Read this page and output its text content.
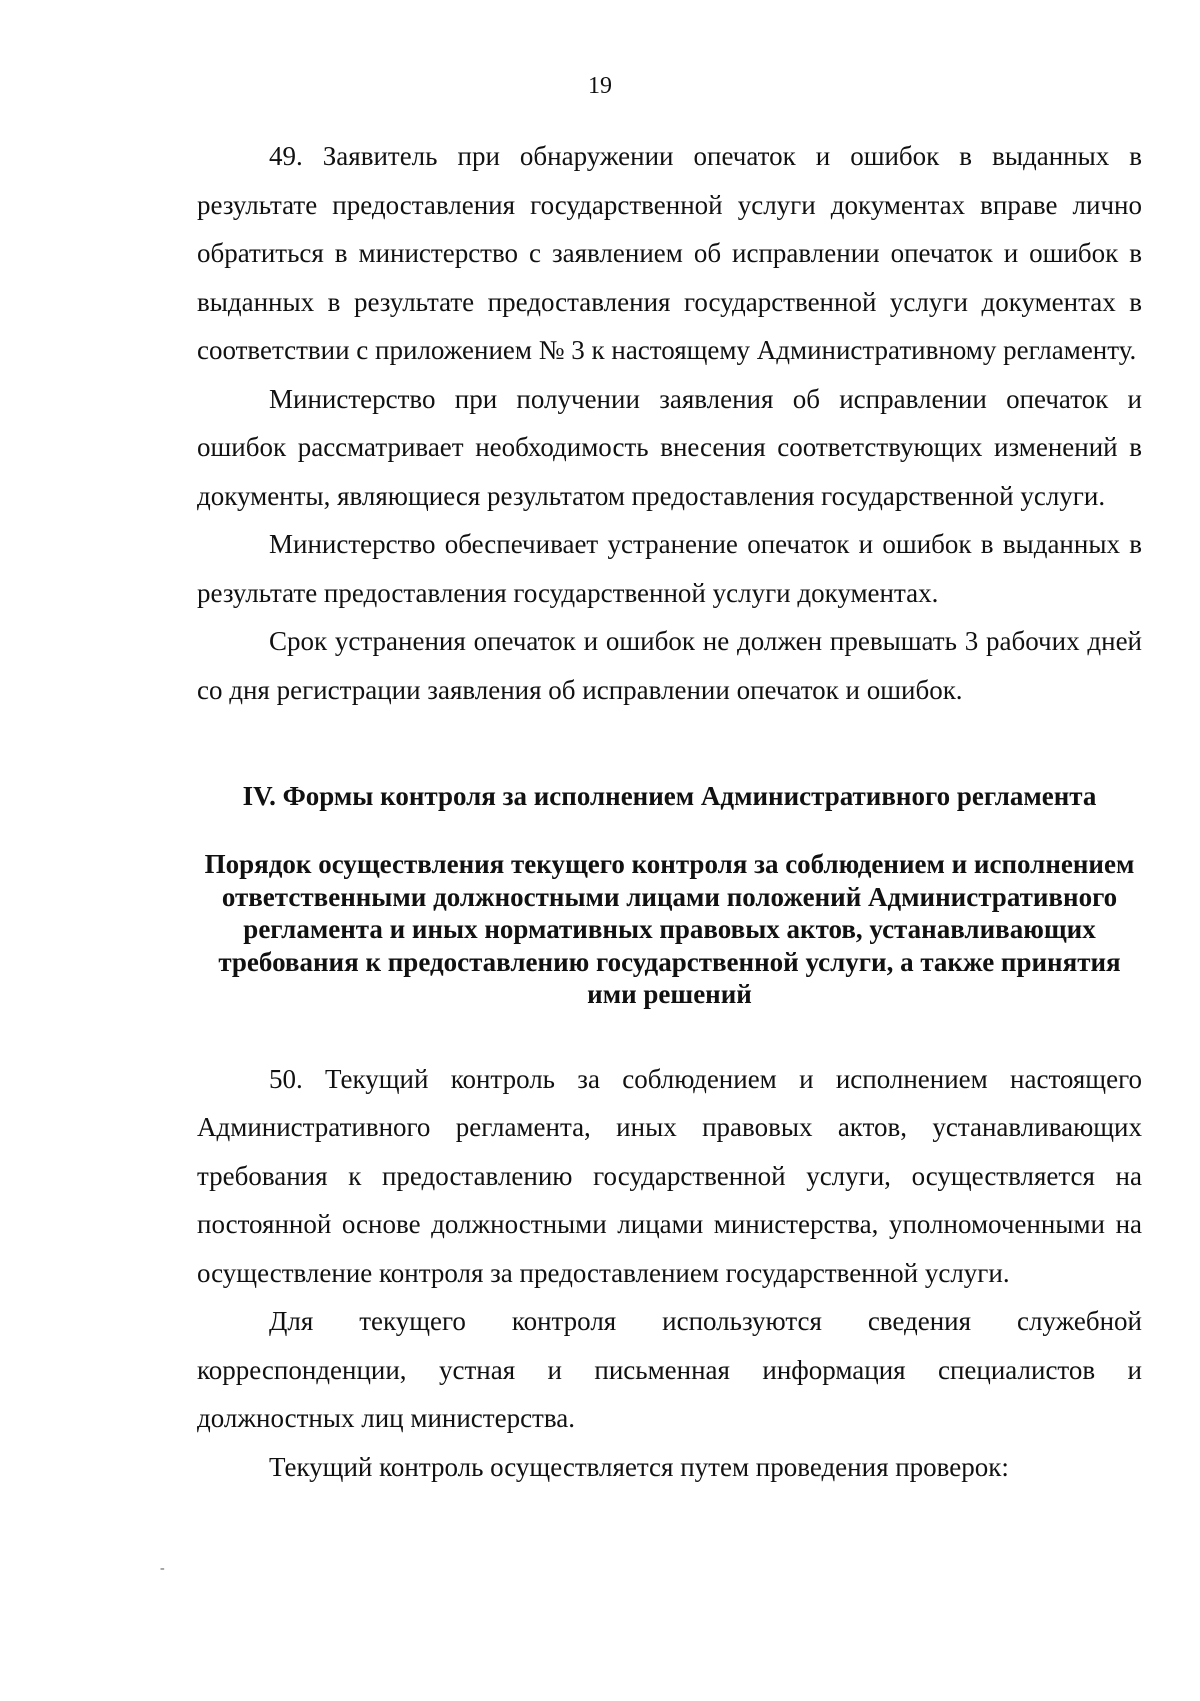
19

49. Заявитель при обнаружении опечаток и ошибок в выданных в результате предоставления государственной услуги документах вправе лично обратиться в министерство с заявлением об исправлении опечаток и ошибок в выданных в результате предоставления государственной услуги документах в соответствии с приложением № 3 к настоящему Административному регламенту.

Министерство при получении заявления об исправлении опечаток и ошибок рассматривает необходимость внесения соответствующих изменений в документы, являющиеся результатом предоставления государственной услуги.

Министерство обеспечивает устранение опечаток и ошибок в выданных в результате предоставления государственной услуги документах.

Срок устранения опечаток и ошибок не должен превышать 3 рабочих дней со дня регистрации заявления об исправлении опечаток и ошибок.

IV. Формы контроля за исполнением Административного регламента
Порядок осуществления текущего контроля за соблюдением и исполнением ответственными должностными лицами положений Административного регламента и иных нормативных правовых актов, устанавливающих требования к предоставлению государственной услуги, а также принятия ими решений

50. Текущий контроль за соблюдением и исполнением настоящего Административного регламента, иных правовых актов, устанавливающих требования к предоставлению государственной услуги, осуществляется на постоянной основе должностными лицами министерства, уполномоченными на осуществление контроля за предоставлением государственной услуги.

Для текущего контроля используются сведения служебной корреспонденции, устная и письменная информация специалистов и должностных лиц министерства.

Текущий контроль осуществляется путем проведения проверок:

-
